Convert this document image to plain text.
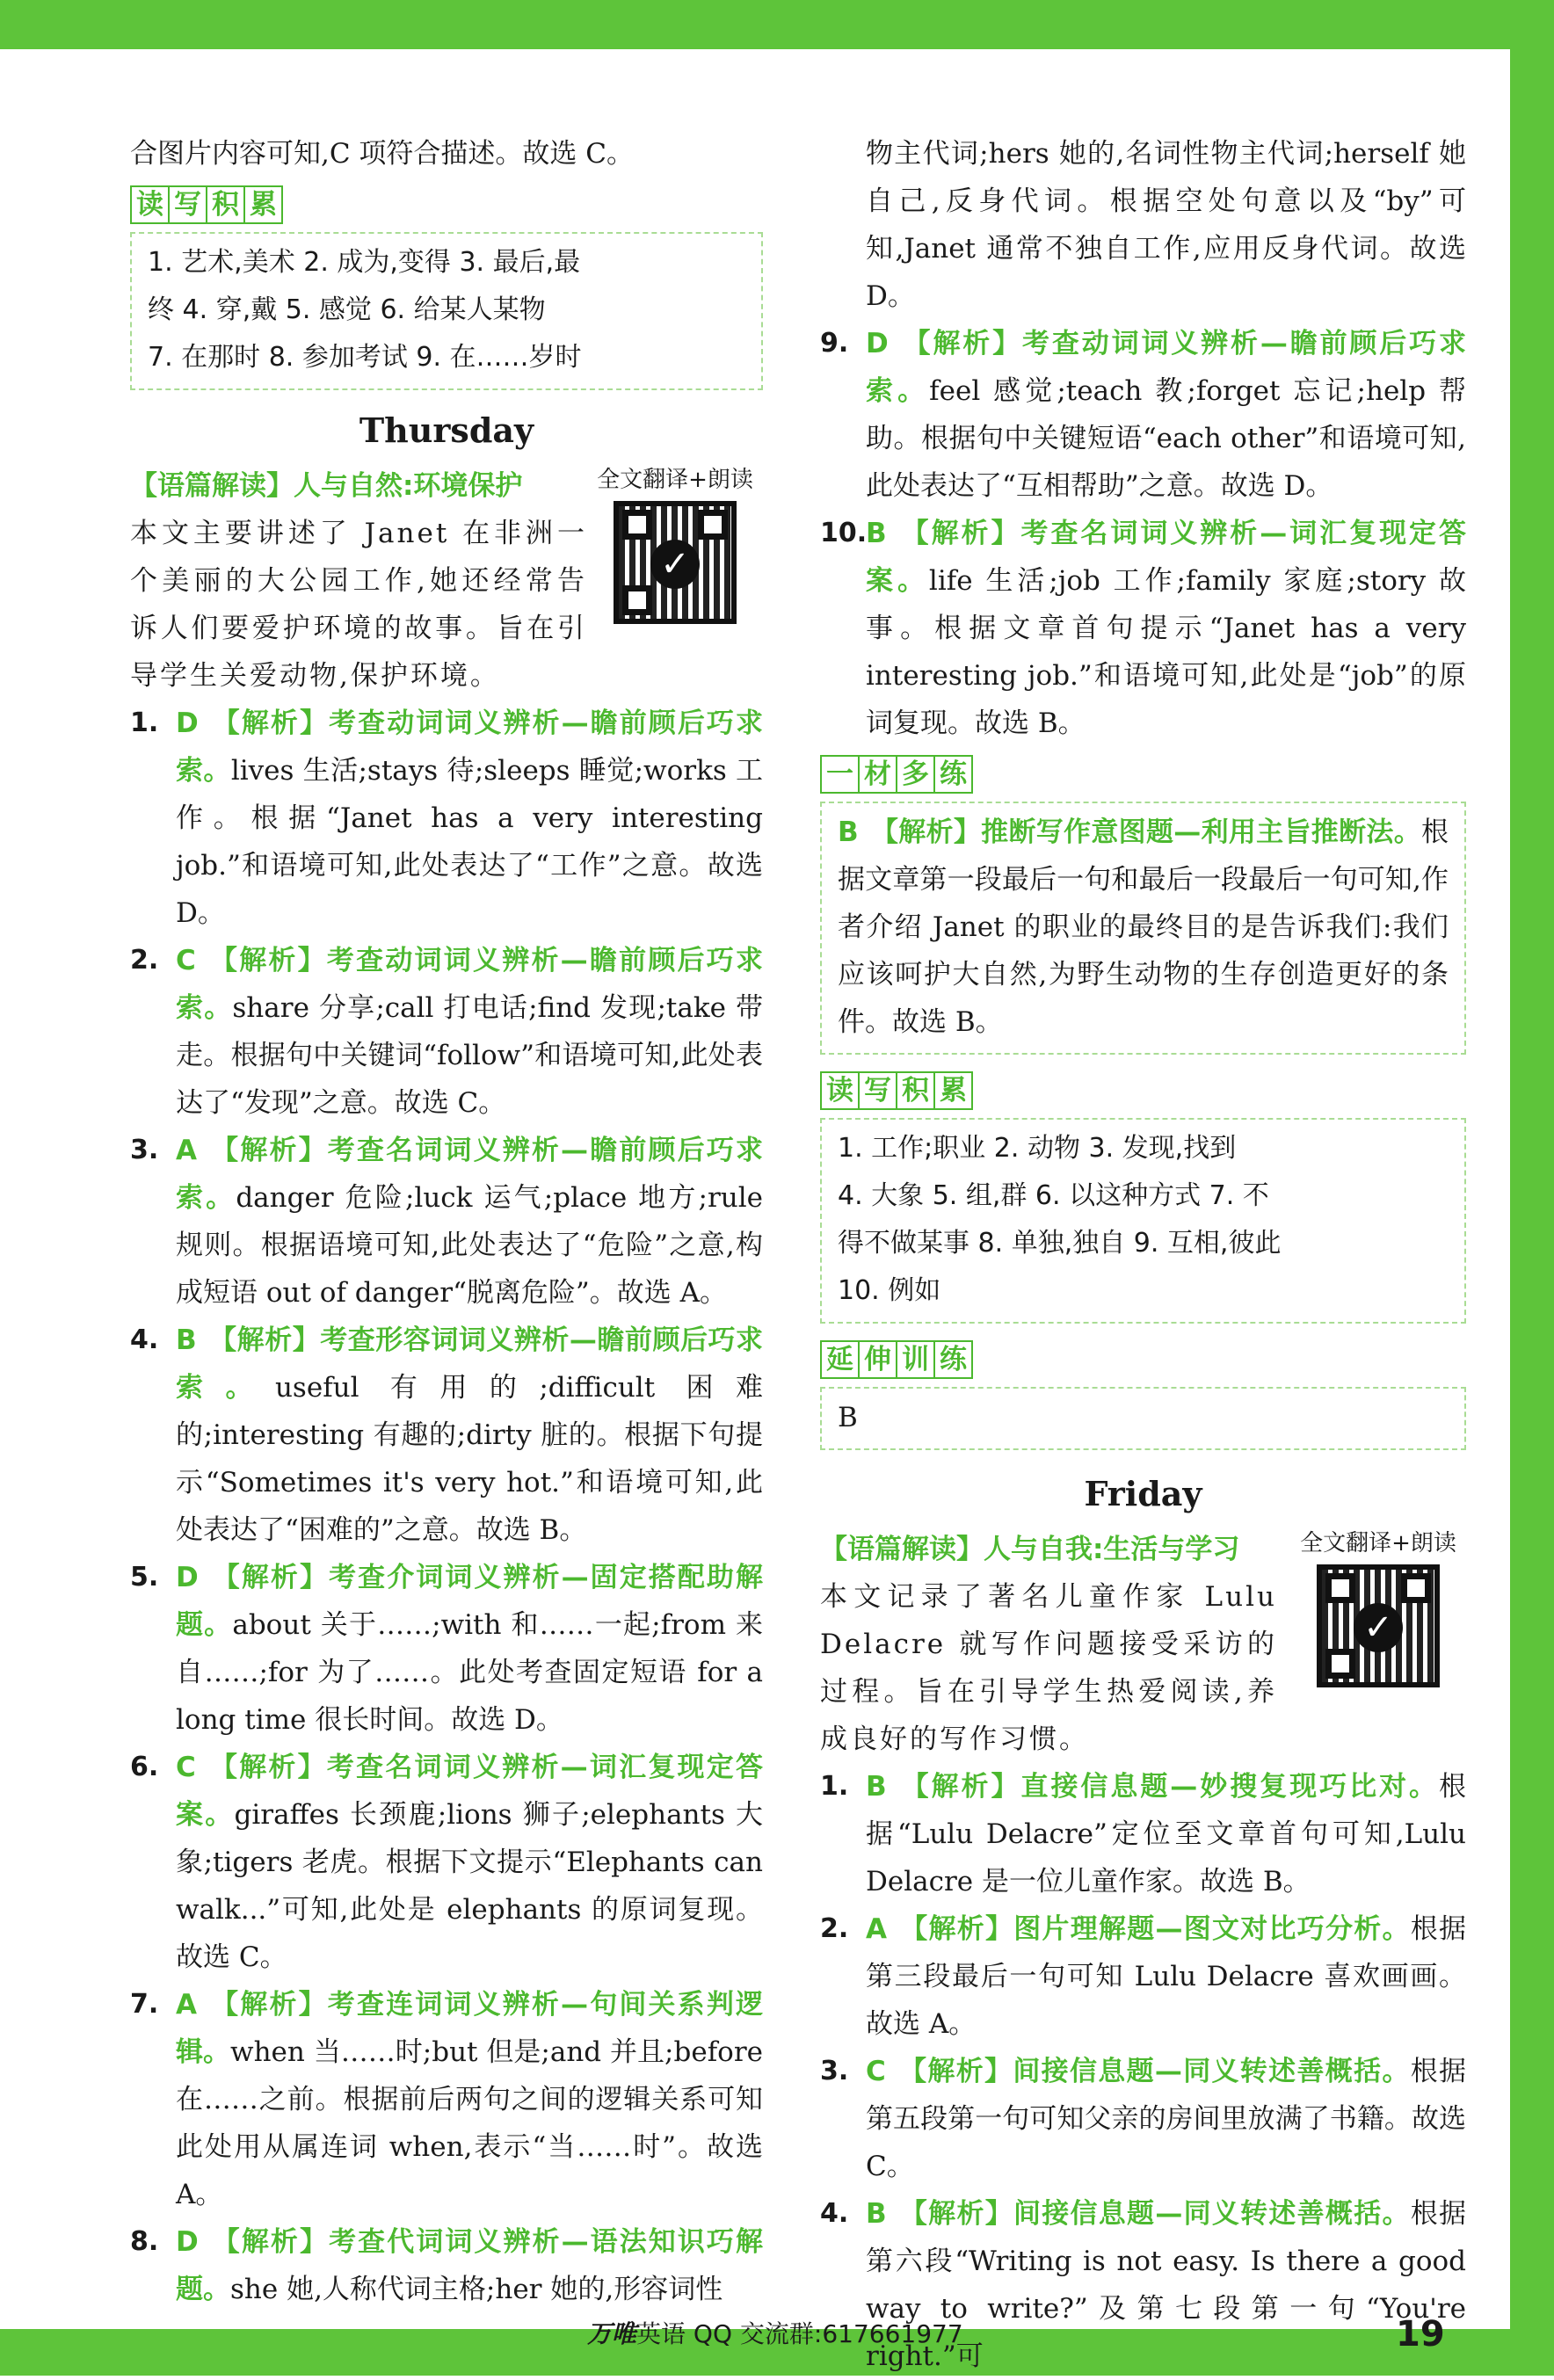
合图片内容可知,C 项符合描述。故选 C。

读 写 积 累
1. 艺术,美术 2. 成为,变得 3. 最后,最
终 4. 穿,戴 5. 感觉 6. 给某人某物
7. 在那时 8. 参加考试 9. 在……岁时
Thursday
全文翻译+朗读
✓

【语篇解读】人与自然:环境保护

本文主要讲述了 Janet 在非洲一个美丽的大公园工作,她还经常告诉人们要爱护环境的故事。旨在引导学生关爱动物,保护环境。

1. D 【解析】考查动词词义辨析—瞻前顾后巧求索。lives 生活;stays 待;sleeps 睡觉;works 工作。根据“Janet has a very interesting job.”和语境可知,此处表达了“工作”之意。故选 D。

2. C 【解析】考查动词词义辨析—瞻前顾后巧求索。share 分享;call 打电话;find 发现;take 带走。根据句中关键词“follow”和语境可知,此处表达了“发现”之意。故选 C。

3. A 【解析】考查名词词义辨析—瞻前顾后巧求索。danger 危险;luck 运气;place 地方;rule 规则。根据语境可知,此处表达了“危险”之意,构成短语 out of danger“脱离危险”。故选 A。

4. B 【解析】考查形容词词义辨析—瞻前顾后巧求索。useful 有用的;difficult 困难的;interesting 有趣的;dirty 脏的。根据下句提示“Sometimes it's very hot.”和语境可知,此处表达了“困难的”之意。故选 B。

5. D 【解析】考查介词词义辨析—固定搭配助解题。about 关于……;with 和……一起;from 来自……;for 为了……。此处考查固定短语 for a long time 很长时间。故选 D。

6. C 【解析】考查名词词义辨析—词汇复现定答案。giraffes 长颈鹿;lions 狮子;elephants 大象;tigers 老虎。根据下文提示“Elephants can walk...”可知,此处是 elephants 的原词复现。故选 C。

7. A 【解析】考查连词词义辨析—句间关系判逻辑。when 当……时;but 但是;and 并且;before 在……之前。根据前后两句之间的逻辑关系可知此处用从属连词 when,表示“当……时”。故选 A。

8. D 【解析】考查代词词义辨析—语法知识巧解题。she 她,人称代词主格;her 她的,形容词性

物主代词;hers 她的,名词性物主代词;herself 她自己,反身代词。根据空处句意以及“by”可知,Janet 通常不独自工作,应用反身代词。故选 D。

9. D 【解析】考查动词词义辨析—瞻前顾后巧求索。feel 感觉;teach 教;forget 忘记;help 帮助。根据句中关键短语“each other”和语境可知,此处表达了“互相帮助”之意。故选 D。

10.
B 【解析】考查名词词义辨析—词汇复现定答案。life 生活;job 工作;family 家庭;story 故事。根据文章首句提示“Janet has a very interesting job.”和语境可知,此处是“job”的原词复现。故选 B。

一 材 多 练

B 【解析】推断写作意图题—利用主旨推断法。根据文章第一段最后一句和最后一段最后一句可知,作者介绍 Janet 的职业的最终目的是告诉我们:我们应该呵护大自然,为野生动物的生存创造更好的条件。故选 B。

读 写 积 累
1. 工作;职业 2. 动物 3. 发现,找到
4. 大象 5. 组,群 6. 以这种方式 7. 不
得不做某事 8. 单独,独自 9. 互相,彼此
10. 例如
延 伸 训 练

B

Friday
全文翻译+朗读
✓

【语篇解读】人与自我:生活与学习

本文记录了著名儿童作家 Lulu Delacre 就写作问题接受采访的过程。旨在引导学生热爱阅读,养成良好的写作习惯。

1. B 【解析】直接信息题—妙搜复现巧比对。根据“Lulu Delacre”定位至文章首句可知,Lulu Delacre 是一位儿童作家。故选 B。

2. A 【解析】图片理解题—图文对比巧分析。根据第三段最后一句可知 Lulu Delacre 喜欢画画。故选 A。

3. C 【解析】间接信息题—同义转述善概括。根据第五段第一句可知父亲的房间里放满了书籍。故选 C。

4. B 【解析】间接信息题—同义转述善概括。根据第六段“Writing is not easy. Is there a good way to write?”及第七段第一句“You're right.”可

万唯英语 QQ 交流群:617661977	19
